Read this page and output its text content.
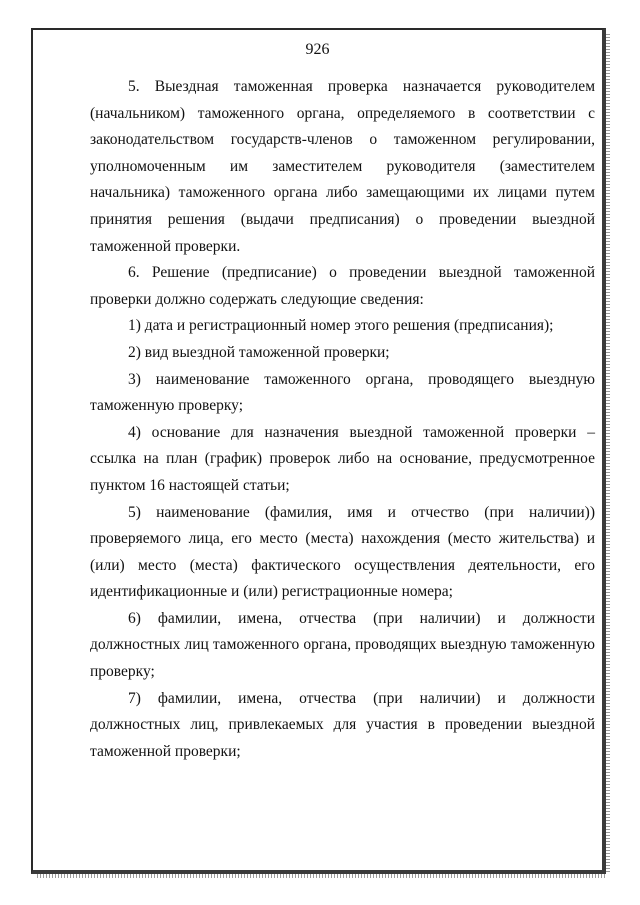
926

5. Выездная таможенная проверка назначается руководителем (начальником) таможенного органа, определяемого в соответствии с законодательством государств-членов о таможенном регулировании, уполномоченным им заместителем руководителя (заместителем начальника) таможенного органа либо замещающими их лицами путем принятия решения (выдачи предписания) о проведении выездной таможенной проверки.

6. Решение (предписание) о проведении выездной таможенной проверки должно содержать следующие сведения:

1) дата и регистрационный номер этого решения (предписания);

2) вид выездной таможенной проверки;

3) наименование таможенного органа, проводящего выездную таможенную проверку;

4) основание для назначения выездной таможенной проверки – ссылка на план (график) проверок либо на основание, предусмотренное пунктом 16 настоящей статьи;

5) наименование (фамилия, имя и отчество (при наличии)) проверяемого лица, его место (места) нахождения (место жительства) и (или) место (места) фактического осуществления деятельности, его идентификационные и (или) регистрационные номера;

6) фамилии, имена, отчества (при наличии) и должности должностных лиц таможенного органа, проводящих выездную таможенную проверку;

7) фамилии, имена, отчества (при наличии) и должности должностных лиц, привлекаемых для участия в проведении выездной таможенной проверки;
